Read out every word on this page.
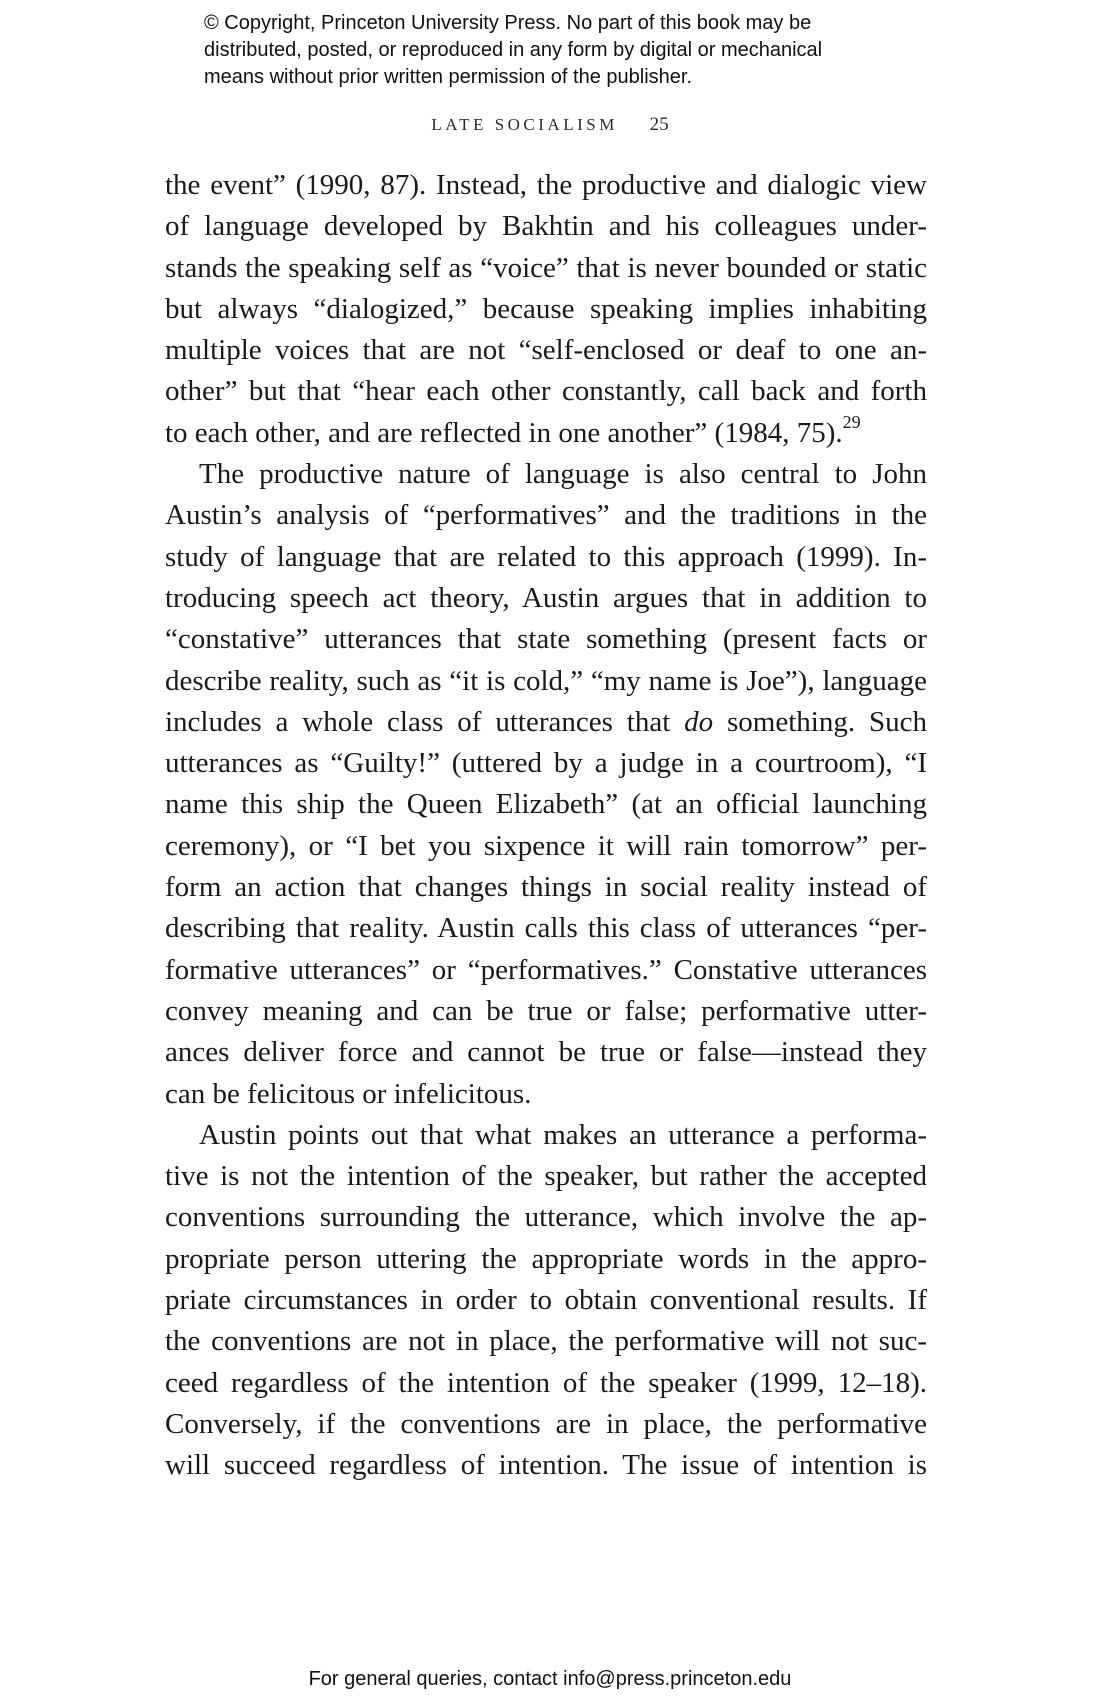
© Copyright, Princeton University Press. No part of this book may be
distributed, posted, or reproduced in any form by digital or mechanical
means without prior written permission of the publisher.
LATE SOCIALISM 25
the event” (1990, 87). Instead, the productive and dialogic view
of language developed by Bakhtin and his colleagues under-
stands the speaking self as “voice” that is never bounded or static
but always “dialogized,” because speaking implies inhabiting
multiple voices that are not “self-enclosed or deaf to one an-
other” but that “hear each other constantly, call back and forth
to each other, and are reflected in one another” (1984, 75).$^{29}$
The productive nature of language is also central to John
Austin’s analysis of “performatives” and the traditions in the
study of language that are related to this approach (1999). In-
troducing speech act theory, Austin argues that in addition to
“constative” utterances that state something (present facts or
describe reality, such as “it is cold,” “my name is Joe”), language
includes a whole class of utterances that do something. Such
utterances as “Guilty!” (uttered by a judge in a courtroom), “I
name this ship the Queen Elizabeth” (at an official launching
ceremony), or “I bet you sixpence it will rain tomorrow” per-
form an action that changes things in social reality instead of
describing that reality. Austin calls this class of utterances “per-
formative utterances” or “performatives.” Constative utterances
convey meaning and can be true or false; performative utter-
ances deliver force and cannot be true or false—instead they
can be felicitous or infelicitous.
Austin points out that what makes an utterance a performa-
tive is not the intention of the speaker, but rather the accepted
conventions surrounding the utterance, which involve the ap-
propriate person uttering the appropriate words in the appro-
priate circumstances in order to obtain conventional results. If
the conventions are not in place, the performative will not suc-
ceed regardless of the intention of the speaker (1999, 12–18).
Conversely, if the conventions are in place, the performative
will succeed regardless of intention. The issue of intention is
For general queries, contact info@press.princeton.edu
